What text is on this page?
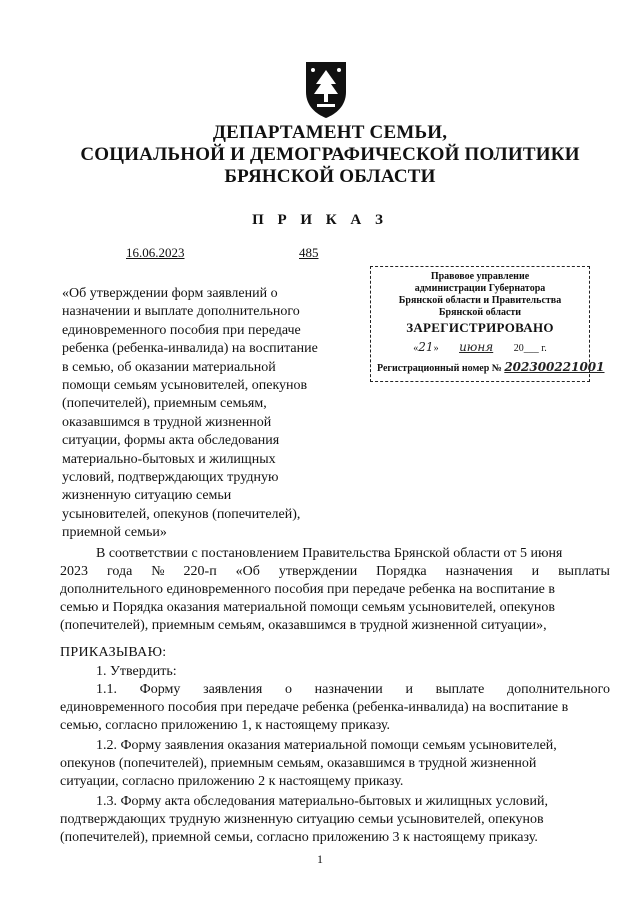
ДЕПАРТАМЕНТ СЕМЬИ,
СОЦИАЛЬНОЙ И ДЕМОГРАФИЧЕСКОЙ ПОЛИТИКИ
БРЯНСКОЙ ОБЛАСТИ
П Р И К А З
16.06.2023	485
«Об утверждении форм заявлений о
назначении и выплате дополнительного
единовременного пособия при передаче
ребенка (ребенка-инвалида) на воспитание
в семью, об оказании материальной
помощи семьям усыновителей, опекунов
(попечителей), приемным семьям,
оказавшимся в трудной жизненной
ситуации, формы акта обследования
материально-бытовых и жилищных
условий, подтверждающих трудную
жизненную ситуацию семьи
усыновителей, опекунов (попечителей),
приемной семьи»
Правовое управление
администрации Губернатора
Брянской области и Правительства
Брянской области
ЗАРЕГИСТРИРОВАНО
«21» июня 20___ г.
Регистрационный номер № 202300221001
В соответствии с постановлением Правительства Брянской области от 5 июня
2023 года № 220-п «Об утверждении Порядка назначения и выплаты
дополнительного единовременного пособия при передаче ребенка на воспитание в
семью и Порядка оказания материальной помощи семьям усыновителей, опекунов
(попечителей), приемным семьям, оказавшимся в трудной жизненной ситуации»,
ПРИКАЗЫВАЮ:
1. Утвердить:
1.1. Форму заявления о назначении и выплате дополнительного
единовременного пособия при передаче ребенка (ребенка-инвалида) на воспитание в
семью, согласно приложению 1, к настоящему приказу.
1.2. Форму заявления оказания материальной помощи семьям усыновителей,
опекунов (попечителей), приемным семьям, оказавшимся в трудной жизненной
ситуации, согласно приложению 2 к настоящему приказу.
1.3. Форму акта обследования материально-бытовых и жилищных условий,
подтверждающих трудную жизненную ситуацию семьи усыновителей, опекунов
(попечителей), приемной семьи, согласно приложению 3 к настоящему приказу.
1
